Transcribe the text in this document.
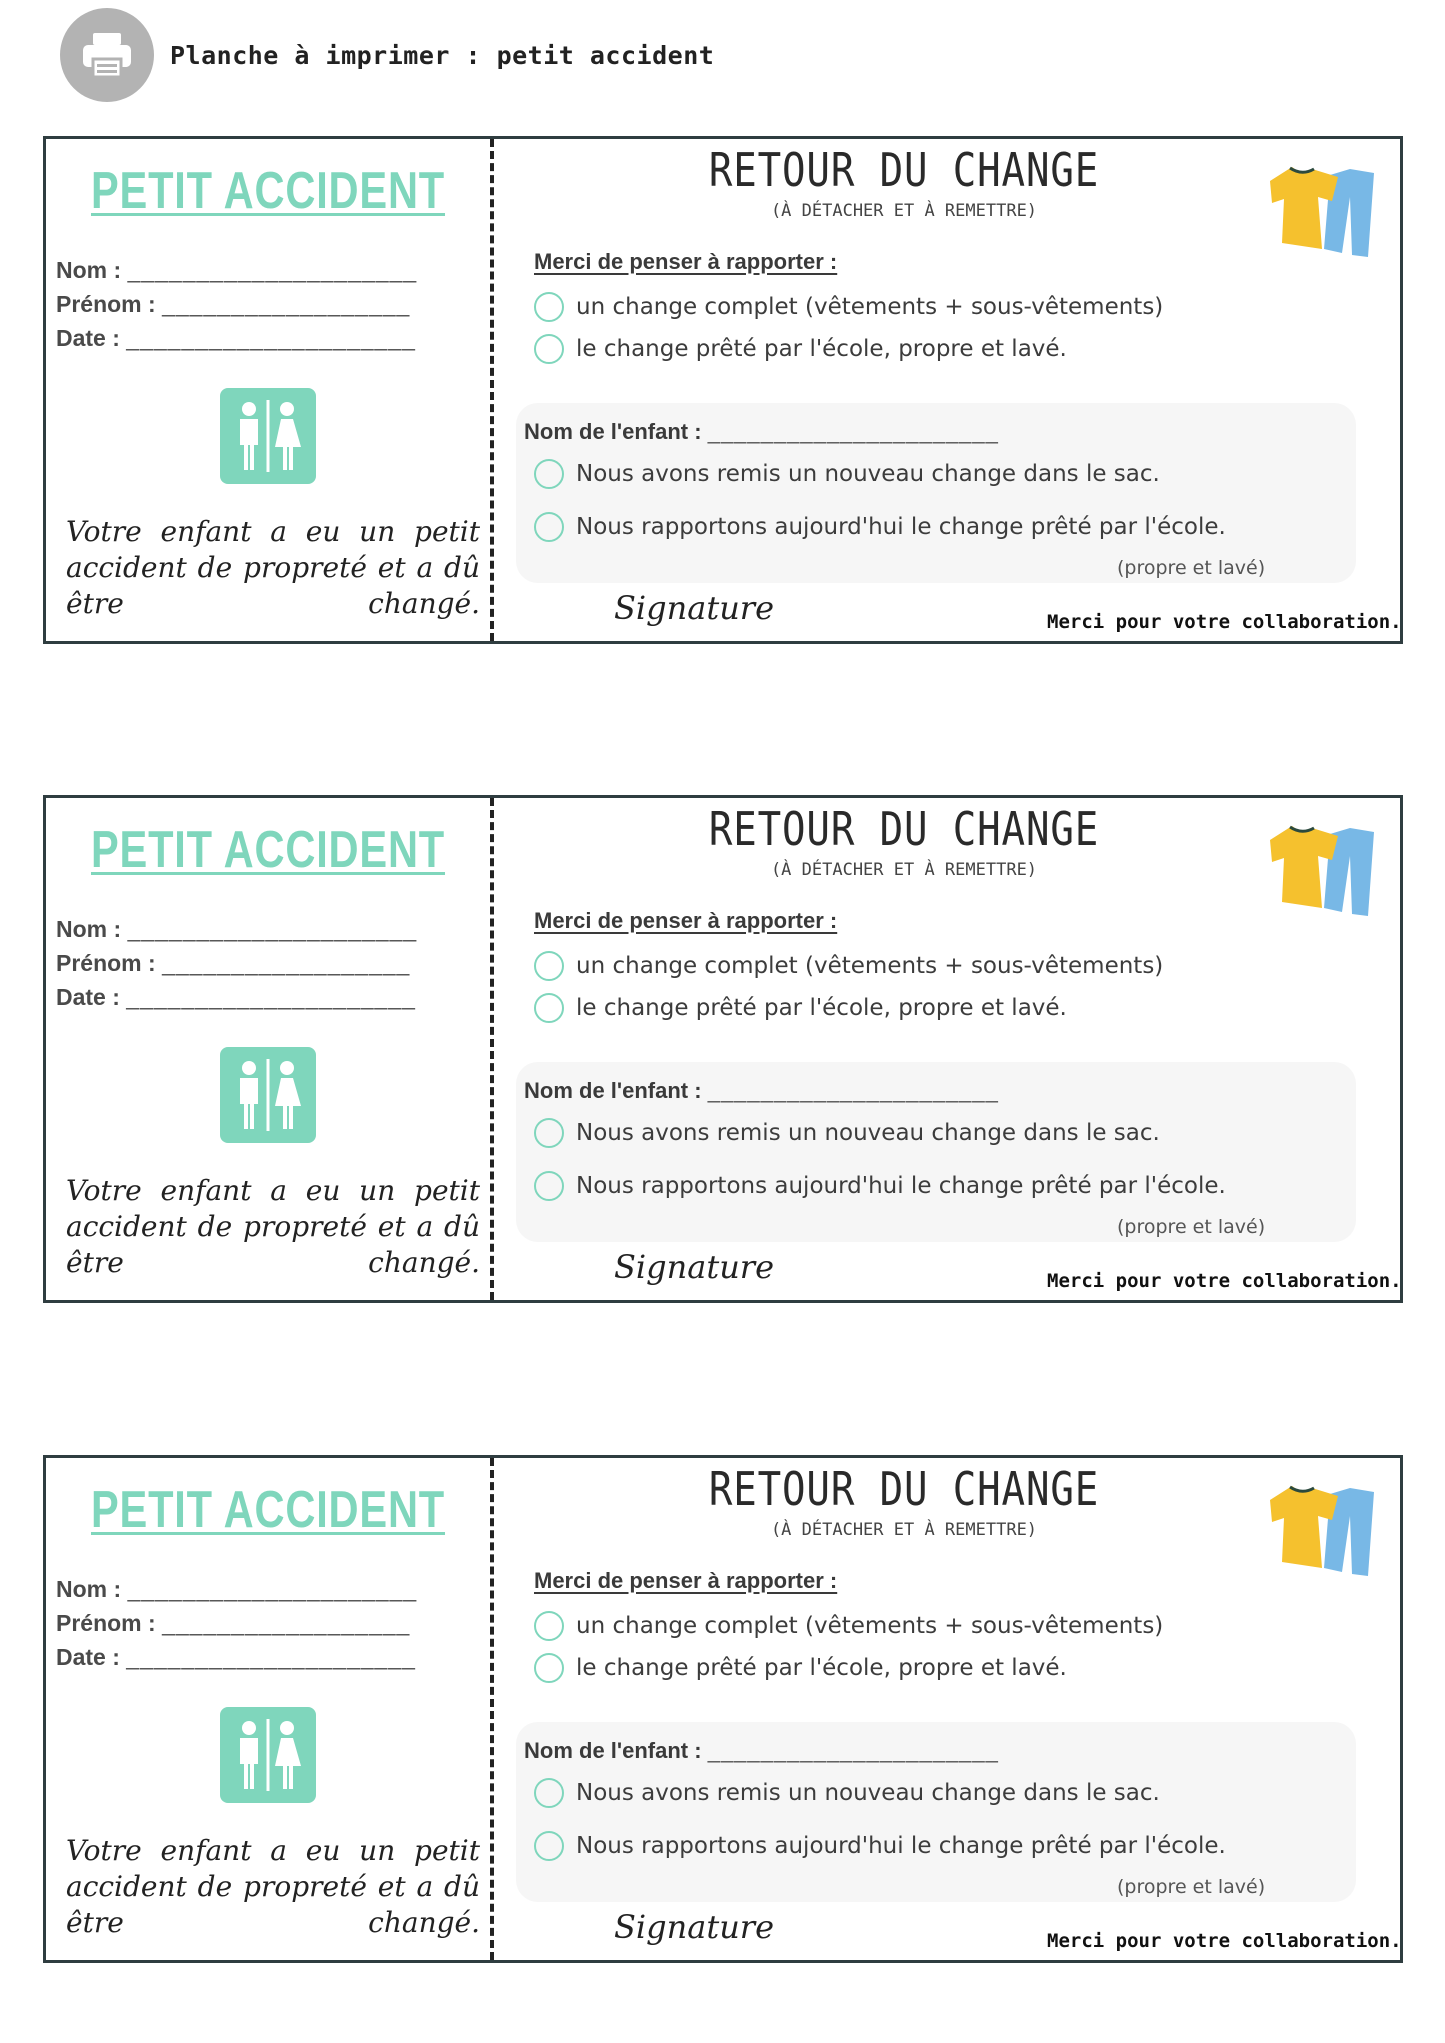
Planche à imprimer : petit accident
PETIT ACCIDENT
Nom : _____________________
Prénom : __________________
Date : _____________________
Votre enfant a eu un petit accident de propreté et a dû être changé.
RETOUR DU CHANGE
(À DÉTACHER ET À REMETTRE)
Merci de penser à rapporter :
un change complet (vêtements + sous-vêtements)
le change prêté par l'école, propre et lavé.
Nom de l'enfant : ______________________
Nous avons remis un nouveau change dans le sac.
Nous rapportons aujourd'hui le change prêté par l'école.
(propre et lavé)
Signature	Merci pour votre collaboration.
PETIT ACCIDENT
Nom : _____________________
Prénom : __________________
Date : _____________________
Votre enfant a eu un petit accident de propreté et a dû être changé.
RETOUR DU CHANGE
(À DÉTACHER ET À REMETTRE)
Merci de penser à rapporter :
un change complet (vêtements + sous-vêtements)
le change prêté par l'école, propre et lavé.
Nom de l'enfant : ______________________
Nous avons remis un nouveau change dans le sac.
Nous rapportons aujourd'hui le change prêté par l'école.
(propre et lavé)
Signature	Merci pour votre collaboration.
PETIT ACCIDENT
Nom : _____________________
Prénom : __________________
Date : _____________________
Votre enfant a eu un petit accident de propreté et a dû être changé.
RETOUR DU CHANGE
(À DÉTACHER ET À REMETTRE)
Merci de penser à rapporter :
un change complet (vêtements + sous-vêtements)
le change prêté par l'école, propre et lavé.
Nom de l'enfant : ______________________
Nous avons remis un nouveau change dans le sac.
Nous rapportons aujourd'hui le change prêté par l'école.
(propre et lavé)
Signature	Merci pour votre collaboration.
